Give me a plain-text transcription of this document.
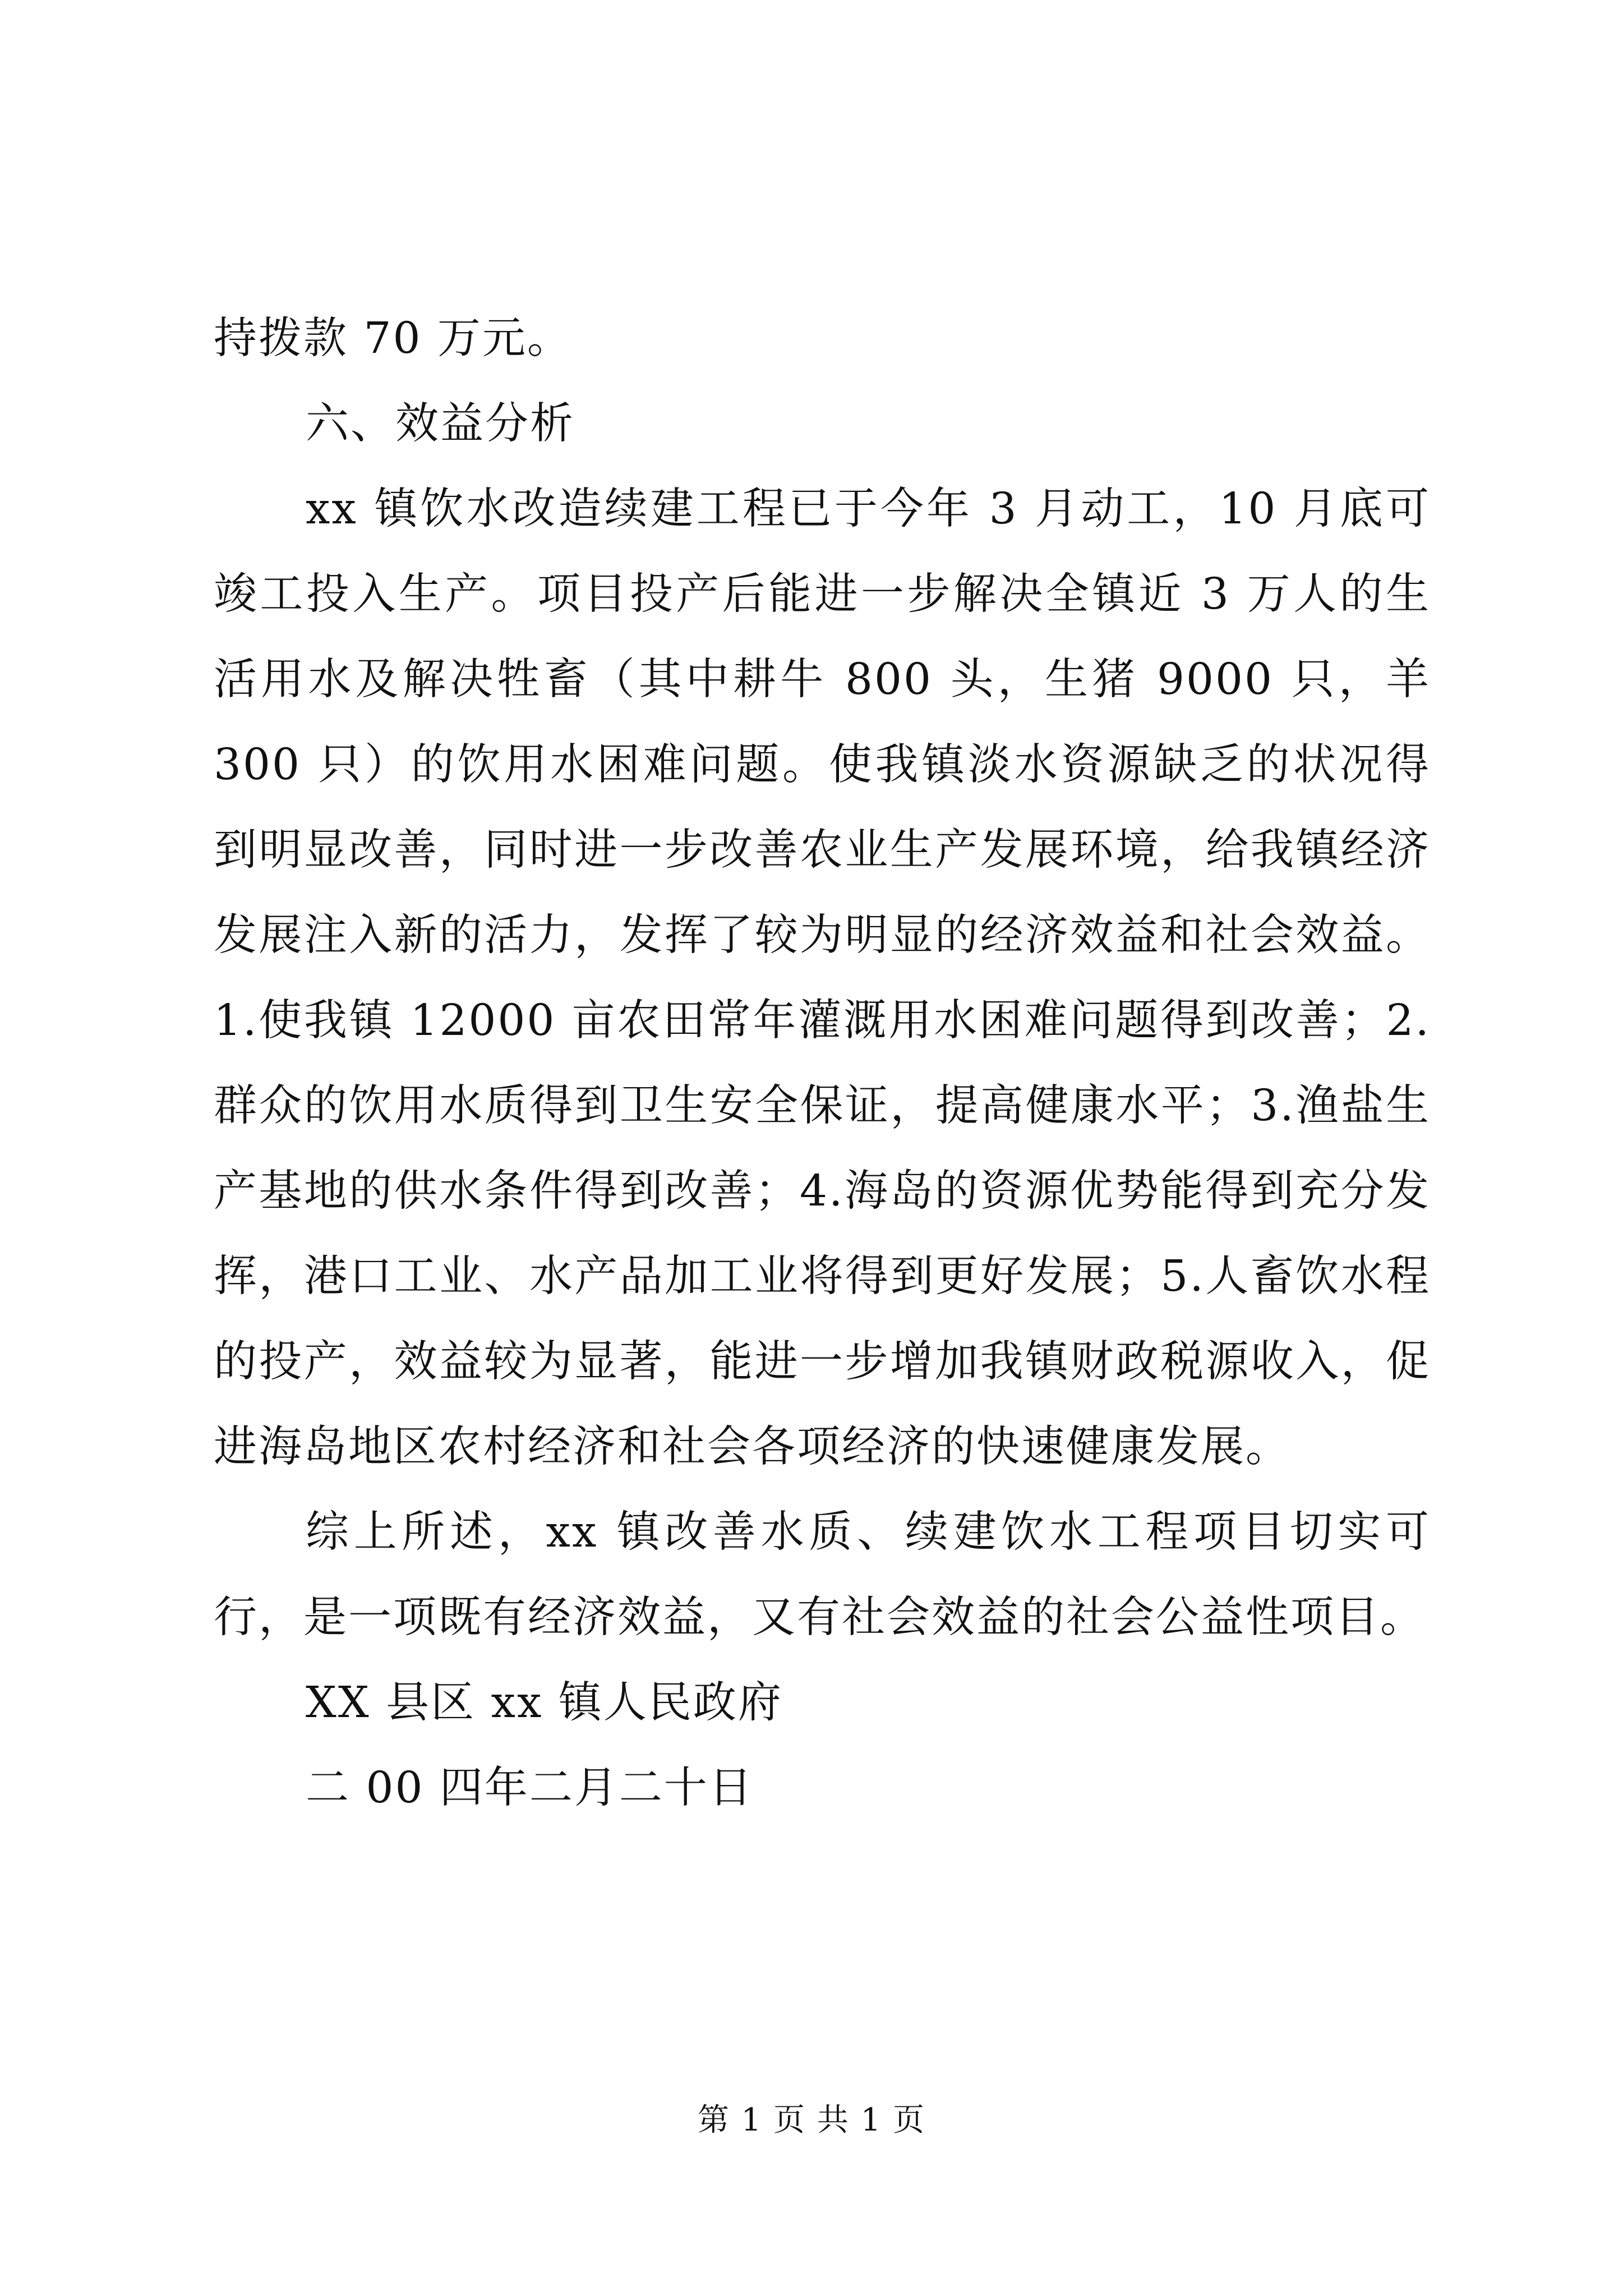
持拨款 70 万元。

六、效益分析

xx 镇饮水改造续建工程已于今年 3 月动工，10 月底可竣工投入生产。项目投产后能进一步解决全镇近 3 万人的生活用水及解决牲畜（其中耕牛 800 头，生猪 9000 只，羊 300 只）的饮用水困难问题。使我镇淡水资源缺乏的状况得到明显改善，同时进一步改善农业生产发展环境，给我镇经济发展注入新的活力，发挥了较为明显的经济效益和社会效益。1.使我镇 12000 亩农田常年灌溉用水困难问题得到改善；2.群众的饮用水质得到卫生安全保证，提高健康水平；3.渔盐生产基地的供水条件得到改善；4.海岛的资源优势能得到充分发挥，港口工业、水产品加工业将得到更好发展；5.人畜饮水程的投产，效益较为显著，能进一步增加我镇财政税源收入，促进海岛地区农村经济和社会各项经济的快速健康发展。

综上所述，xx 镇改善水质、续建饮水工程项目切实可行，是一项既有经济效益，又有社会效益的社会公益性项目。

XX 县区 xx 镇人民政府

二 00 四年二月二十日

第 1 页 共 1 页
